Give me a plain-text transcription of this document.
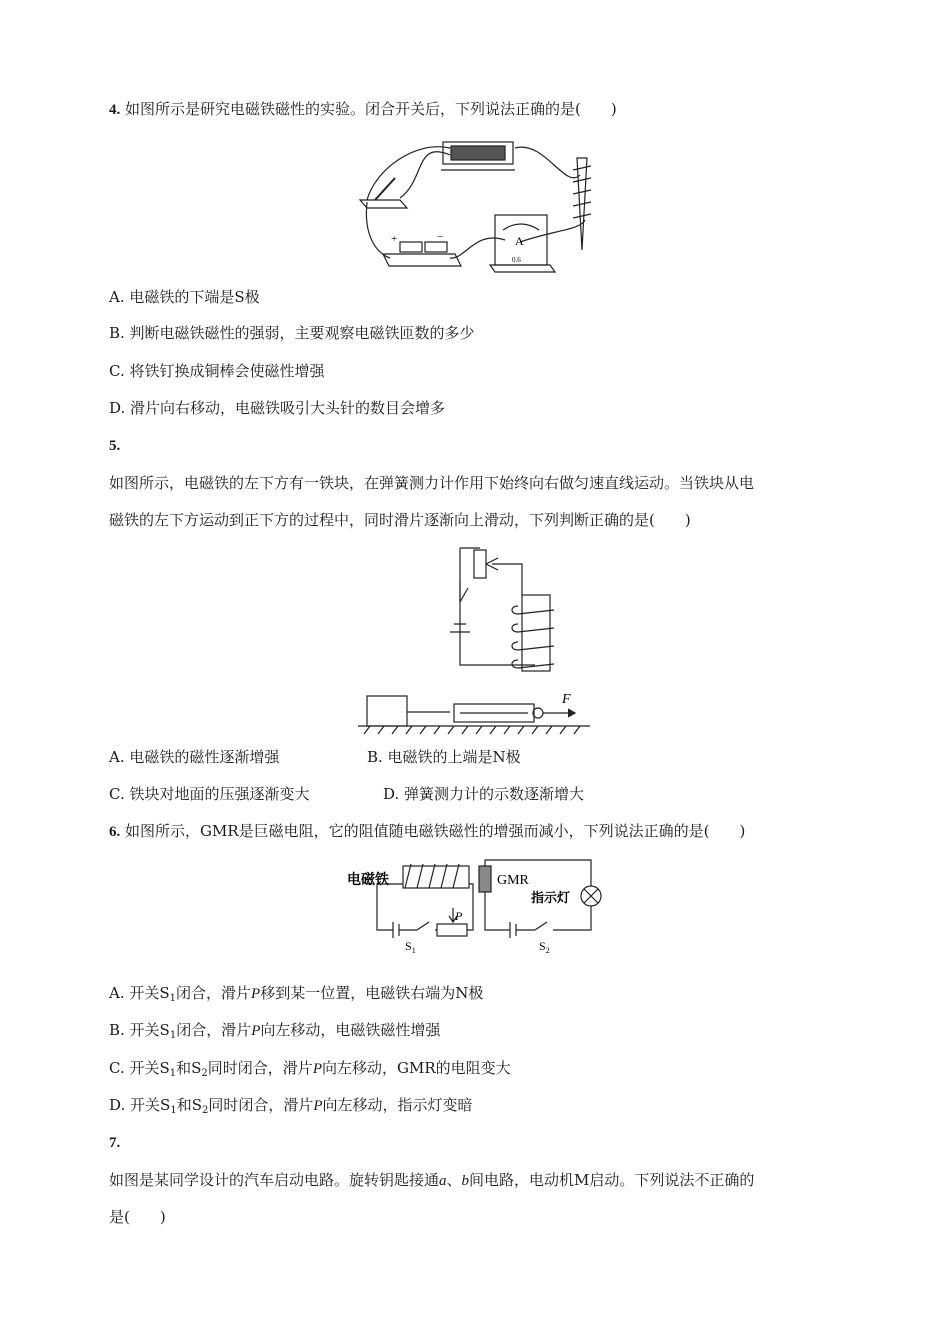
4. 如图所示是研究电磁铁磁性的实验。闭合开关后，下列说法正确的是(　　)
+	−	A
0.6
A. 电磁铁的下端是S极
B. 判断电磁铁磁性的强弱，主要观察电磁铁匝数的多少
C. 将铁钉换成铜棒会使磁性增强
D. 滑片向右移动，电磁铁吸引大头针的数目会增多
5.
如图所示，电磁铁的左下方有一铁块，在弹簧测力计作用下始终向右做匀速直线运动。当铁块从电
磁铁的左下方运动到正下方的过程中，同时滑片逐渐向上滑动，下列判断正确的是(　　)
F
A. 电磁铁的磁性逐渐增强	B. 电磁铁的上端是N极
C. 铁块对地面的压强逐渐变大	D. 弹簧测力计的示数逐渐增大
6. 如图所示，GMR是巨磁电阻，它的阻值随电磁铁磁性的增强而减小，下列说法正确的是(　　)
电磁铁	GMR
指示灯
P
$S_1$	$S_2$
A. 开关$S_1$闭合，滑片P移到某一位置，电磁铁右端为N极
B. 开关$S_1$闭合，滑片P向左移动，电磁铁磁性增强
C. 开关$S_1$和$S_2$同时闭合，滑片P向左移动，GMR的电阻变大
D. 开关$S_1$和$S_2$同时闭合，滑片P向左移动，指示灯变暗
7.
如图是某同学设计的汽车启动电路。旋转钥匙接通a、b间电路，电动机M启动。下列说法不正确的
是(　　)
